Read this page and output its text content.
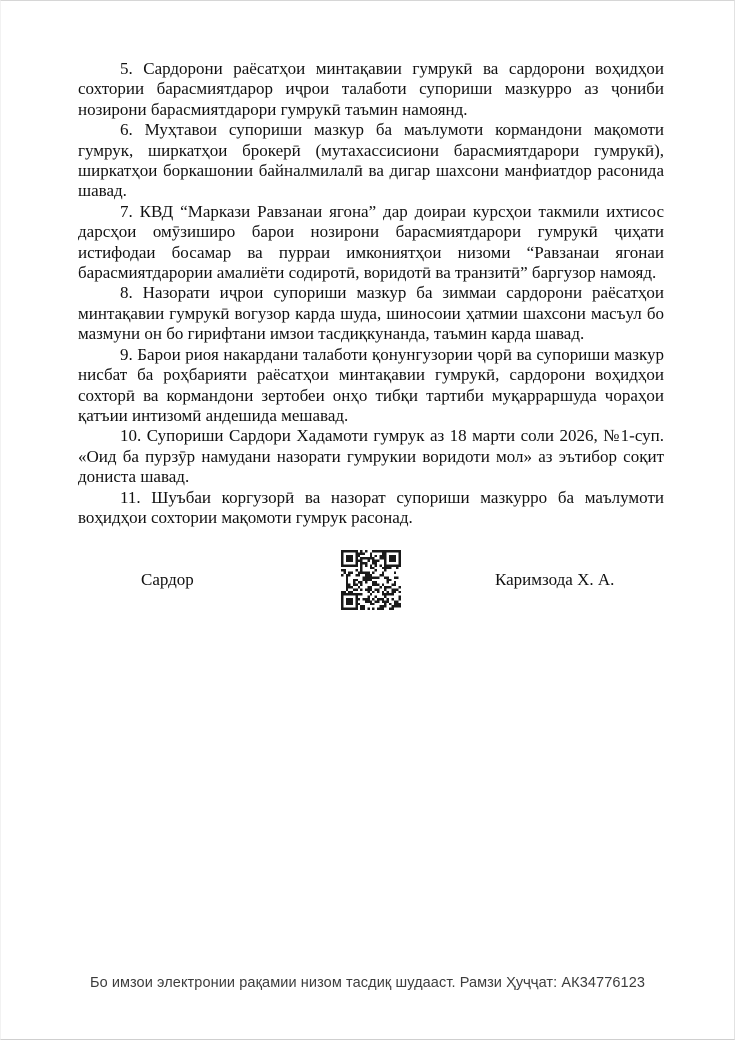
5. Сардорони раёсатҳои минтақавии гумрукӣ ва сардорони воҳидҳои сохтории барасмиятдарор иҷрои талаботи супориши мазкурро аз ҷониби нозирони барасмиятдарори гумрукӣ таъмин намоянд.

6. Муҳтавои супориши мазкур ба маълумоти кормандони мақомоти гумрук, ширкатҳои брокерӣ (мутахассисиони барасмиятдарори гумрукӣ), ширкатҳои боркашонии байналмилалӣ ва дигар шахсони манфиатдор расонида шавад.

7. КВД “Маркази Равзанаи ягона” дар доираи курсҳои такмили ихтисос дарсҳои омӯзиширо барои нозирони барасмиятдарори гумрукӣ ҷиҳати истифодаи босамар ва пурраи имкониятҳои низоми “Равзанаи ягонаи барасмиятдарории амалиёти содиротӣ, воридотӣ ва транзитӣ” баргузор намояд.

8. Назорати иҷрои супориши мазкур ба зиммаи сардорони раёсатҳои минтақавии гумрукӣ вогузор карда шуда, шиносоии ҳатмии шахсони масъул бо мазмуни он бо гирифтани имзои тасдиқкунанда, таъмин карда шавад.

9. Барои риоя накардани талаботи қонунгузории ҷорӣ ва супориши мазкур нисбат ба роҳбарияти раёсатҳои минтақавии гумрукӣ, сардорони воҳидҳои сохторӣ ва кормандони зертобеи онҳо тибқи тартиби муқарраршуда чораҳои қатъии интизомӣ андешида мешавад.

10. Супориши Сардори Хадамоти гумрук аз 18 марти соли 2026, №1-суп. «Оид ба пурзӯр намудани назорати гумрукии воридоти мол» аз эътибор соқит дониста шавад.

11. Шуъбаи коргузорӣ ва назорат супориши мазкурро ба маълумоти воҳидҳои сохтории мақомоти гумрук расонад.

Сардор	Каримзода Х. А.
Бо имзои электронии рақамии низом тасдиқ шудааст. Рамзи Ҳуҷҷат: АК34776123
